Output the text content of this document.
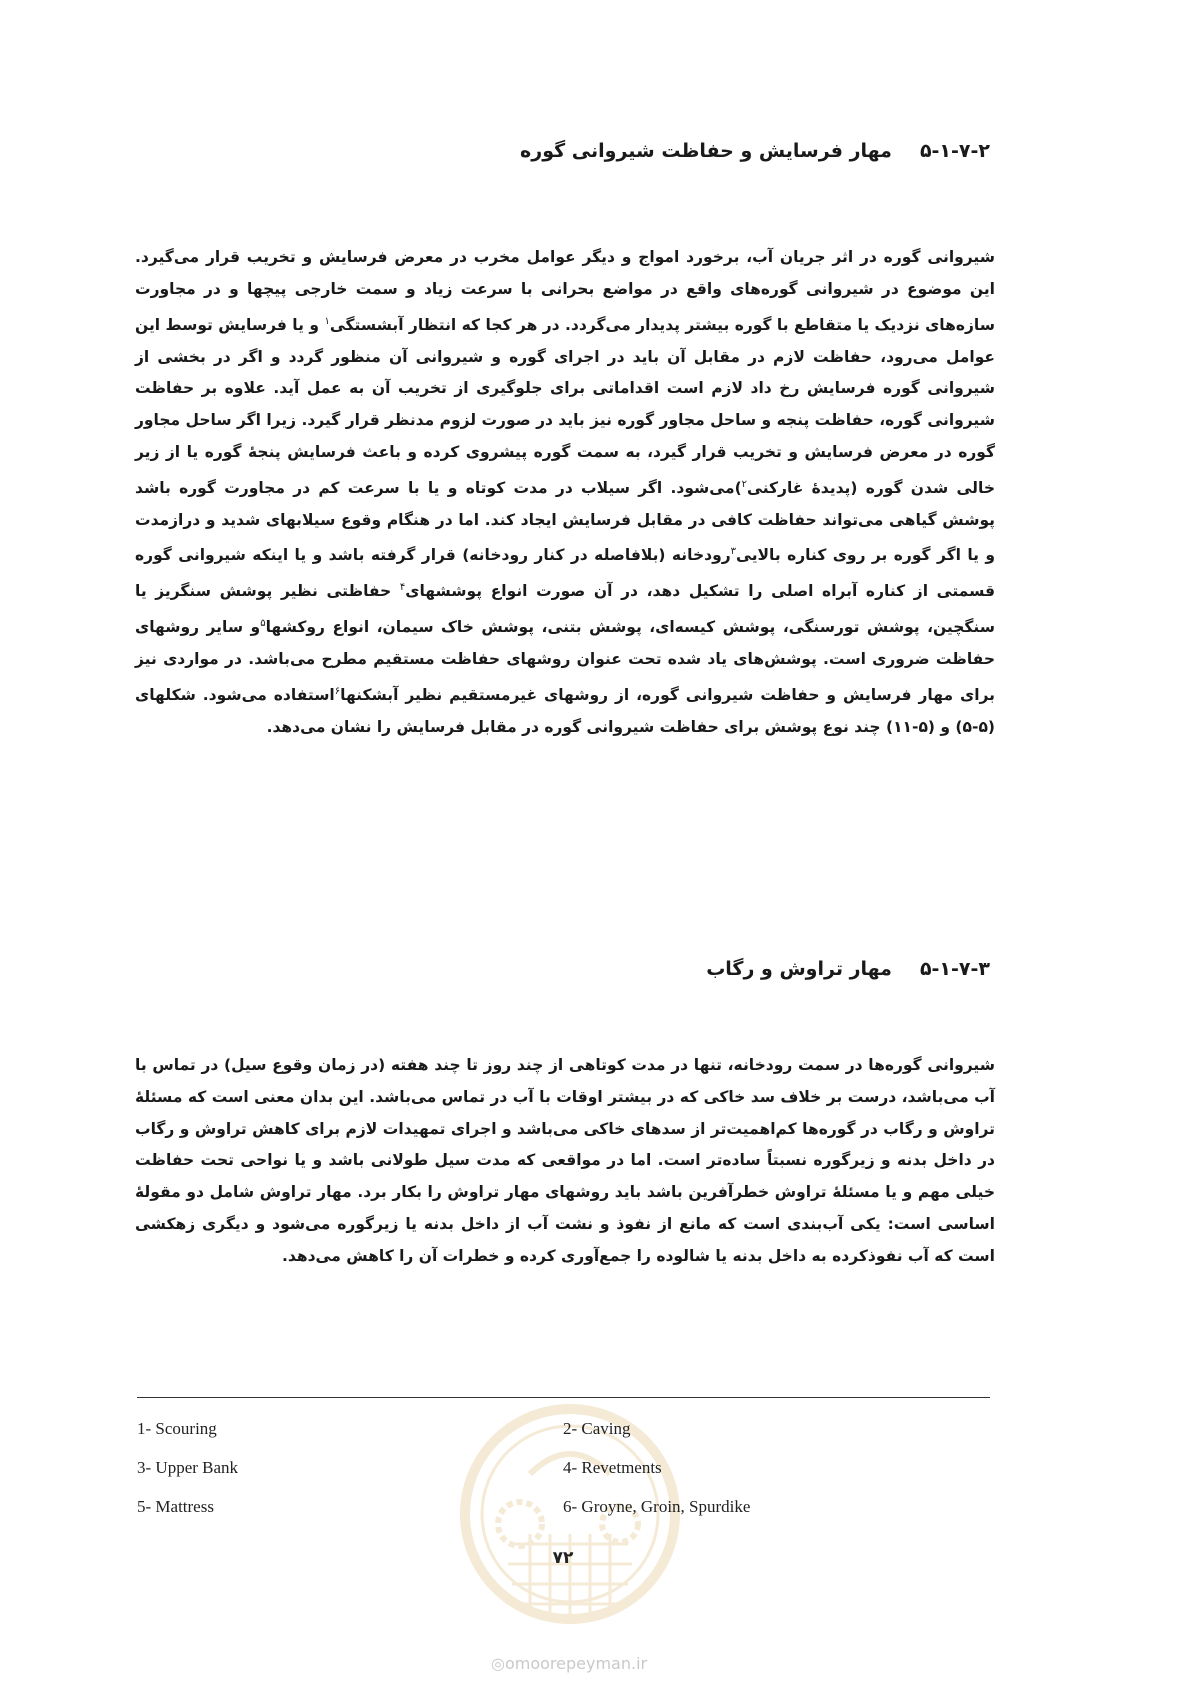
۵-۱-۷-۲مهار فرسایش و حفاظت شیروانی گوره

شیروانی گوره در اثر جریان آب، برخورد امواج و دیگر عوامل مخرب در معرض فرسایش و تخریب قرار می‌گیرد. این موضوع در شیروانی گوره‌های واقع در مواضع بحرانی با سرعت زیاد و سمت خارجی پیچها و در مجاورت سازه‌های نزدیک یا متقاطع با گوره بیشتر پدیدار می‌گردد. در هر کجا که انتظار آبشستگی$^۱$ و یا فرسایش توسط این عوامل می‌رود، حفاظت لازم در مقابل آن باید در اجرای گوره و شیروانی آن منظور گردد و اگر در بخشی از شیروانی گوره فرسایش رخ داد لازم است اقداماتی برای جلوگیری از تخریب آن به عمل آید. علاوه بر حفاظت شیروانی گوره، حفاظت پنجه و ساحل مجاور گوره نیز باید در صورت لزوم مدنظر قرار گیرد. زیرا اگر ساحل مجاور گوره در معرض فرسایش و تخریب قرار گیرد، به سمت گوره پیشروی کرده و باعث فرسایش پنجهٔ گوره یا از زیر خالی شدن گوره (پدیدهٔ غارکنی$^۲$)می‌شود. اگر سیلاب در مدت کوتاه و یا با سرعت کم در مجاورت گوره باشد پوشش گیاهی می‌تواند حفاظت کافی در مقابل فرسایش ایجاد کند. اما در هنگام وقوع سیلابهای شدید و درازمدت و یا اگر گوره بر روی کناره بالایی$^۳$رودخانه (بلافاصله در کنار رودخانه) قرار گرفته باشد و یا اینکه شیروانی گوره قسمتی از کناره آبراه اصلی را تشکیل دهد، در آن صورت انواع پوششهای$^۴$ حفاظتی نظیر پوشش سنگریز یا سنگچین، پوشش تورسنگی، پوشش کیسه‌ای، پوشش بتنی، پوشش خاک سیمان، انواع روکشها$^۵$و سایر روشهای حفاظت ضروری است. پوشش‌های یاد شده تحت عنوان روشهای حفاظت مستقیم مطرح می‌باشد. در مواردی نیز برای مهار فرسایش و حفاظت شیروانی گوره، از روشهای غیرمستقیم نظیر آبشکنها$^۶$استفاده می‌شود. شکلهای (۵-۵) و (۵-۱۱) چند نوع پوشش برای حفاظت شیروانی گوره در مقابل فرسایش را نشان می‌دهد.

۵-۱-۷-۳مهار تراوش و رگاب

شیروانی گوره‌ها در سمت رودخانه، تنها در مدت کوتاهی از چند روز تا چند هفته (در زمان وقوع سیل) در تماس با آب می‌باشد، درست بر خلاف سد خاکی که در بیشتر اوقات با آب در تماس می‌باشد. این بدان معنی است که مسئلهٔ تراوش و رگاب در گوره‌ها کم‌اهمیت‌تر از سدهای خاکی می‌باشد و اجرای تمهیدات لازم برای کاهش تراوش و رگاب در داخل بدنه و زیرگوره نسبتاً ساده‌تر است. اما در مواقعی که مدت سیل طولانی باشد و یا نواحی تحت حفاظت خیلی مهم و یا مسئلهٔ تراوش خطرآفرین باشد باید روشهای مهار تراوش را بکار برد. مهار تراوش شامل دو مقولهٔ اساسی است: یکی آب‌بندی است که مانع از نفوذ و نشت آب از داخل بدنه یا زیرگوره می‌شود و دیگری زهکشی است که آب نفوذکرده به داخل بدنه یا شالوده را جمع‌آوری کرده و خطرات آن را کاهش می‌دهد.

1- Scouring	2- Caving
3- Upper Bank	4- Revetments
5- Mattress	6- Groyne, Groin, Spurdike
۷۲
◎omoorepeyman.ir
